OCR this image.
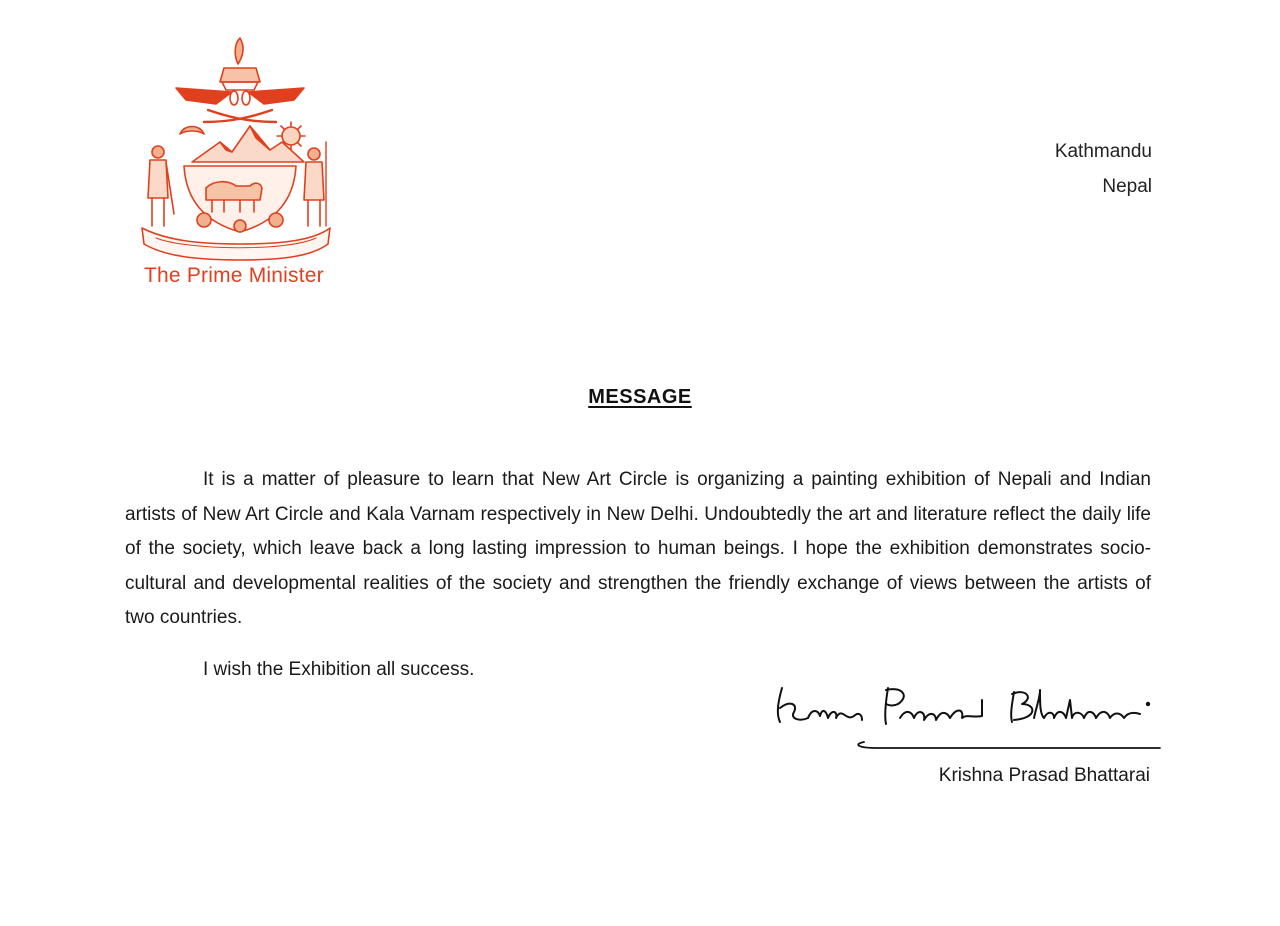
The Prime Minister
Kathmandu
Nepal
MESSAGE

It is a matter of pleasure to learn that New Art Circle is organizing a painting exhibition of Nepali and Indian artists of New Art Circle and Kala Varnam respectively in New Delhi. Undoubtedly the art and literature reflect the daily life of the society, which leave back a long lasting impression to human beings. I hope the exhibition demonstrates socio-cultural and developmental realities of the society and strengthen the friendly exchange of views between the artists of two countries.

I wish the Exhibition all success.
Krishna Prasad Bhattarai
